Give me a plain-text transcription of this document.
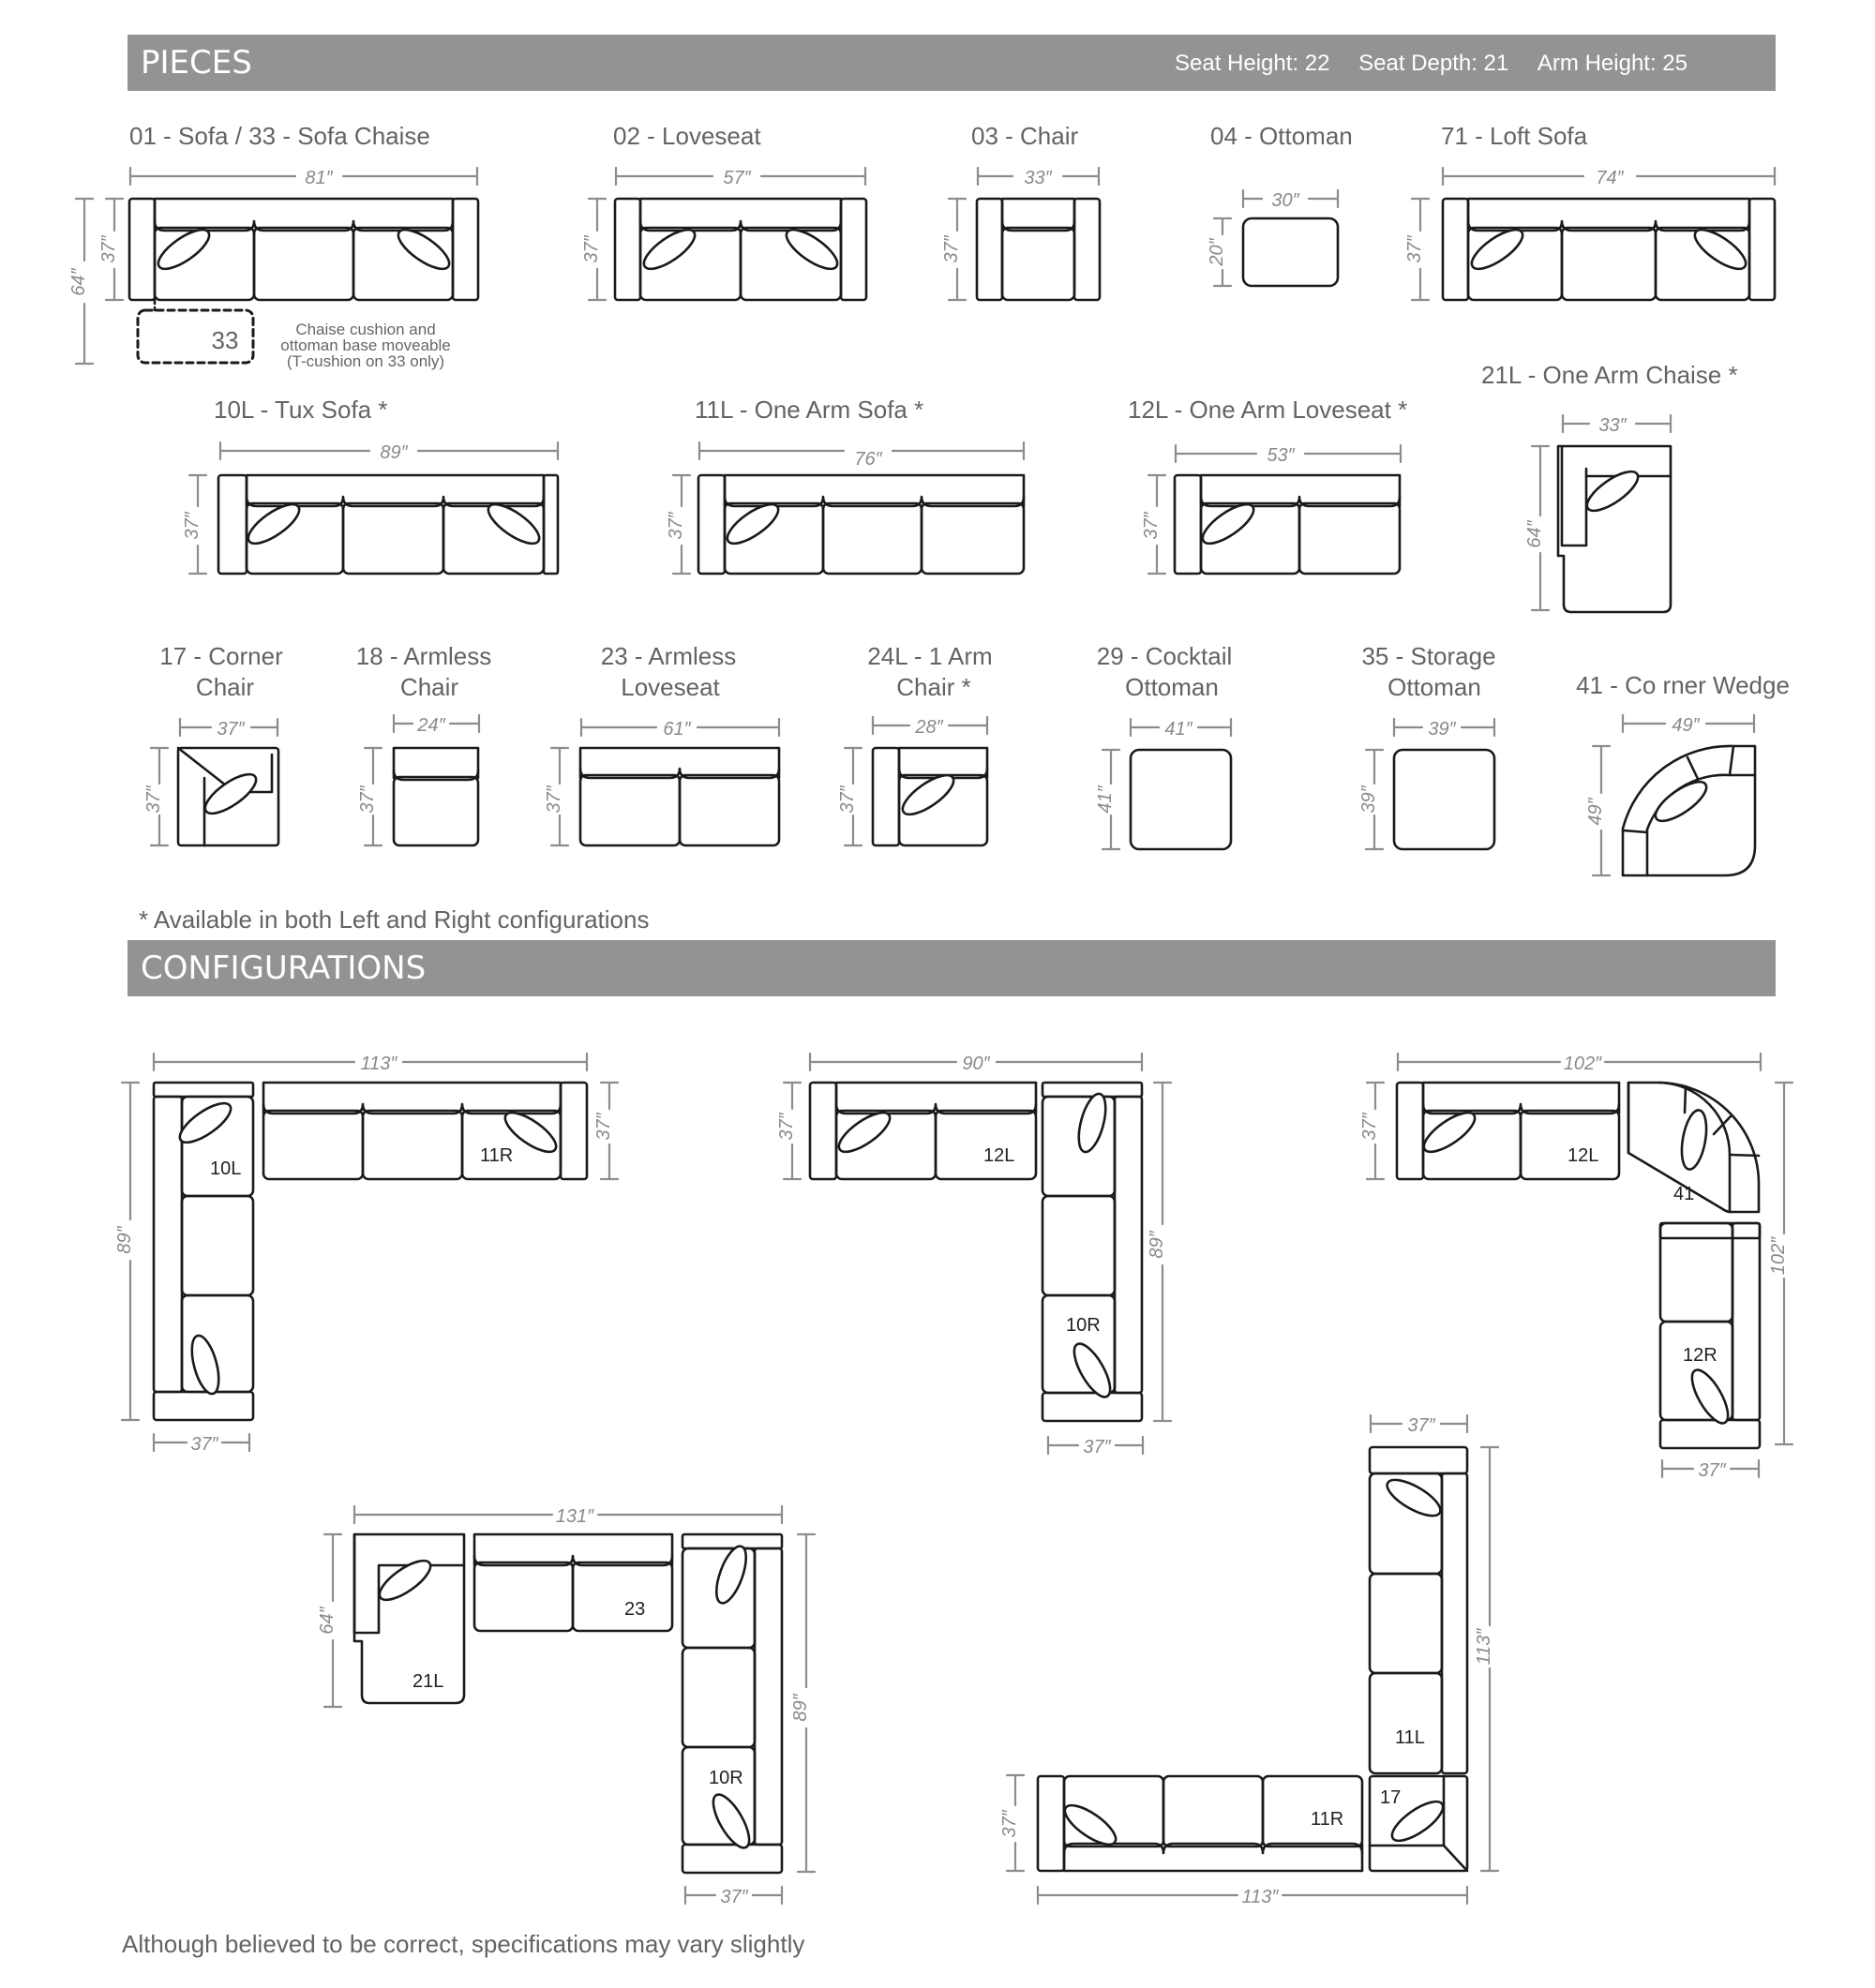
PIECES	Seat Height: 22 Seat Depth: 21 Arm Height: 25
CONFIGURATIONS
01 - Sofa / 33 - Sofa Chaise	02 - Loveseat	03 - Chair	04 - Ottoman	71 - Loft Sofa
10L - Tux Sofa *	11L - One Arm Sofa *	12L - One Arm Loveseat *
21L - One Arm Chaise *
17 - Corner
Chair
18 - Armless
Chair
23 - Armless
Loveseat
24L - 1 Arm
Chair *
29 - Cocktail
Ottoman
35 - Storage
Ottoman	41 - Co rner Wedge
81″
37″
64″
57″
37″
33″
37″
30″
20″
74″
37″
89″
37″
76″
37″
53″
37″
33″
64″
37″
37″
24″
37″
61″
37″
28″
37″
41″
41″
39″
39″
49″
49″
33	Chaise cushion and
ottoman base moveable
(T-cushion on 33 only)
* Available in both Left and Right configurations
113″
89″
37″
37″
90″
37″
89″
37″
102″
37″
102″
37″
131″
64″
89″
37″
37″
113″
37″
113″
10L
11R	12L
10R
12L
41
12R
23
21L
10R
11L
17
11R
Although believed to be correct, specifications may vary slightly
